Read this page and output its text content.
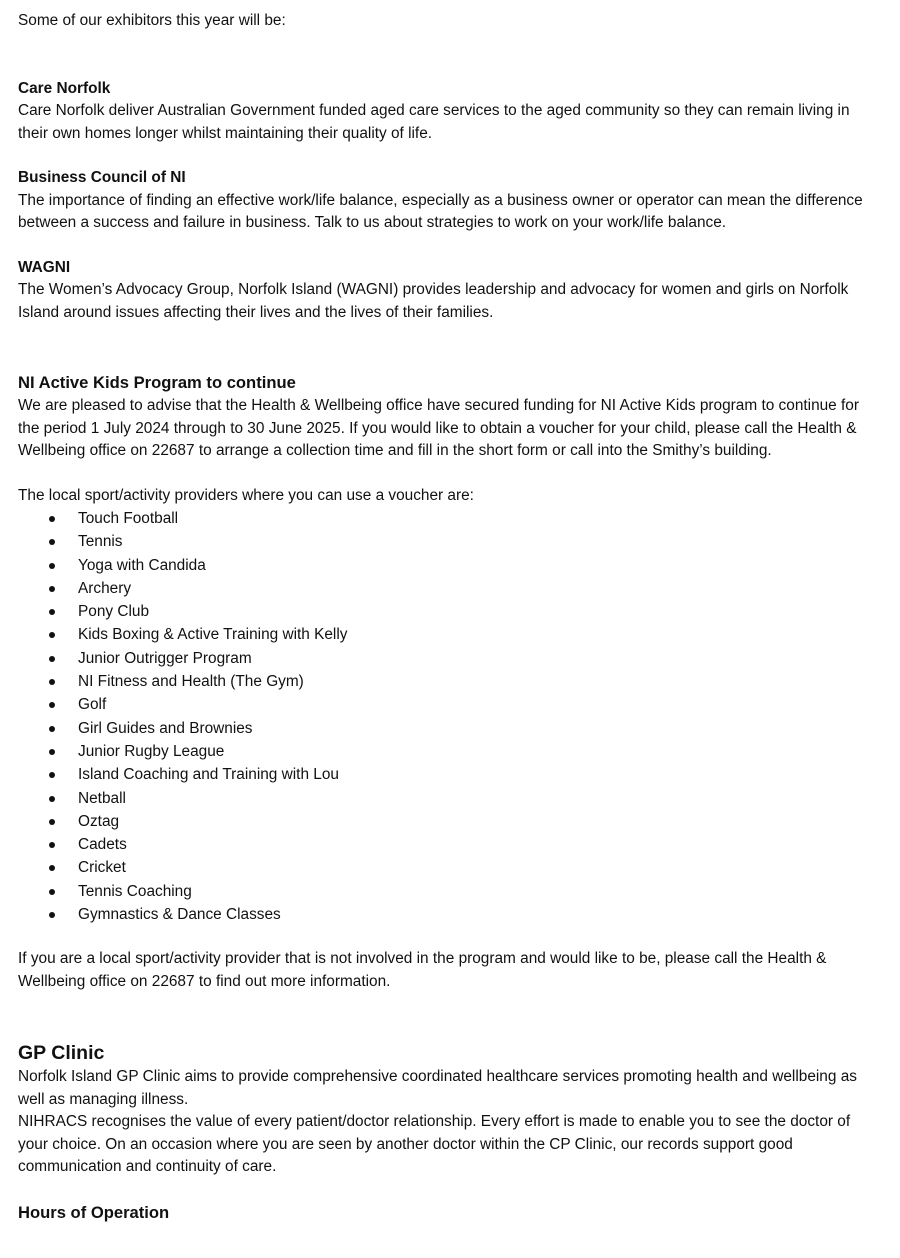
Some of our exhibitors this year will be:

Care Norfolk

Care Norfolk deliver Australian Government funded aged care services to the aged community so they can remain living in their own homes longer whilst maintaining their quality of life.

Business Council of NI

The importance of finding an effective work/life balance, especially as a business owner or operator can mean the difference between a success and failure in business. Talk to us about strategies to work on your work/life balance.

WAGNI

The Women’s Advocacy Group, Norfolk Island (WAGNI) provides leadership and advocacy for women and girls on Norfolk Island around issues affecting their lives and the lives of their families.

NI Active Kids Program to continue

We are pleased to advise that the Health & Wellbeing office have secured funding for NI Active Kids program to continue for the period 1 July 2024 through to 30 June 2025. If you would like to obtain a voucher for your child, please call the Health & Wellbeing office on 22687 to arrange a collection time and fill in the short form or call into the Smithy’s building.

The local sport/activity providers where you can use a voucher are:

Touch Football
Tennis
Yoga with Candida
Archery
Pony Club
Kids Boxing & Active Training with Kelly
Junior Outrigger Program
NI Fitness and Health (The Gym)
Golf
Girl Guides and Brownies
Junior Rugby League
Island Coaching and Training with Lou
Netball
Oztag
Cadets
Cricket
Tennis Coaching
Gymnastics & Dance Classes

If you are a local sport/activity provider that is not involved in the program and would like to be, please call the Health & Wellbeing office on 22687 to find out more information.

GP Clinic

Norfolk Island GP Clinic aims to provide comprehensive coordinated healthcare services promoting health and wellbeing as well as managing illness.

NIHRACS recognises the value of every patient/doctor relationship. Every effort is made to enable you to see the doctor of your choice. On an occasion where you are seen by another doctor within the CP Clinic, our records support good communication and continuity of care.

Hours of Operation
